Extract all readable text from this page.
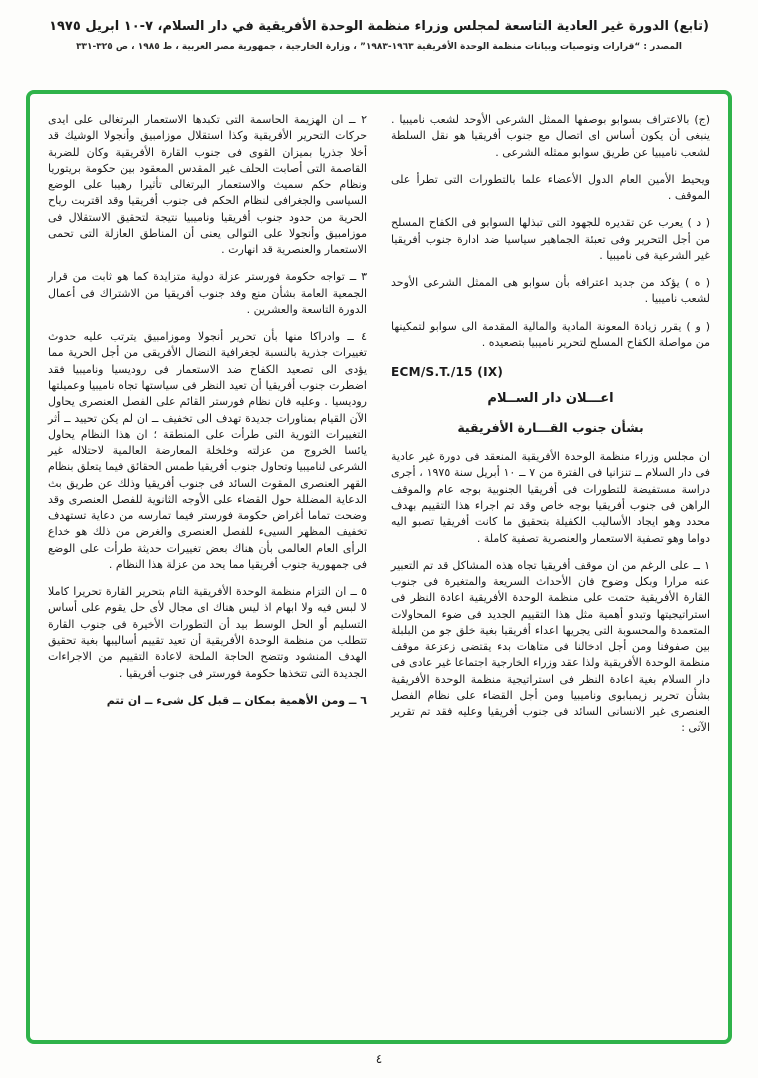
(تابع) الدورة غير العادية التاسعة لمجلس وزراء منظمة الوحدة الأفريقية في دار السلام، ٧-١٠ ابريل ١٩٧٥
المصدر : “قرارات وتوصيات وبيانات منظمة الوحدة الأفريقية ١٩٦٣-١٩٨٣” ، وزارة الخارجية ، جمهورية مصر العربية ، ط ١٩٨٥ ، ص ٣٢٥-٣٣١

(ج) بالاعتراف بسوابو بوصفها الممثل الشرعى الأوحد لشعب ناميبيا . ينبغى أن يكون أساس اى اتصال مع جنوب أفريقيا هو نقل السلطة لشعب ناميبيا عن طريق سوابو ممثله الشرعى .

ويحيط الأمين العام الدول الأعضاء علما بالتطورات التى تطرأ على الموقف .

( د ) يعرب عن تقديره للجهود التى تبذلها السوابو فى الكفاح المسلح من أجل التحرير وفى تعبئة الجماهير سياسيا ضد ادارة جنوب أفريقيا غير الشرعية فى ناميبيا .

( ه ) يؤكد من جديد اعترافه بأن سوابو هى الممثل الشرعى الأوحد لشعب ناميبيا .

( و ) يقرر زيادة المعونة المادية والمالية المقدمة الى سوابو لتمكينها من مواصلة الكفاح المسلح لتحرير ناميبيا بتصعيده .

ECM/S.T./15 (IX)
اعـــلان دار الســلام
بشأن جنوب القـــارة الأفريقية

ان مجلس وزراء منظمة الوحدة الأفريقية المنعقد فى دورة غير عادية فى دار السلام ــ تنزانيا فى الفترة من ٧ ــ ١٠ أبريل سنة ١٩٧٥ ، أجرى دراسة مستفيضة للتطورات فى أفريقيا الجنوبية بوجه عام والموقف الراهن فى جنوب أفريقيا بوجه خاص وقد تم اجراء هذا التقييم بهدف محدد وهو ايجاد الأساليب الكفيلة بتحقيق ما كانت أفريقيا تصبو اليه دواما وهو تصفية الاستعمار والعنصرية تصفية كاملة .

١ ــ على الرغم من ان موقف أفريقيا تجاه هذه المشاكل قد تم التعبير عنه مرارا وبكل وضوح فان الأحداث السريعة والمتغيرة فى جنوب القارة الأفريقية حتمت على منظمة الوحدة الأفريقية اعادة النظر فى استراتيجيتها وتبدو أهمية مثل هذا التقييم الجديد فى ضوء المحاولات المتعمدة والمحسوبة التى يجريها اعداء أفريقيا بغية خلق جو من البلبلة بين صفوفنا ومن أجل ادخالنا فى متاهات بدء يقتضى زعزعة موقف منظمة الوحدة الأفريقية ولذا عقد وزراء الخارجية اجتماعا غير عادى فى دار السلام بغية اعادة النظر فى استراتيجية منظمة الوحدة الأفريقية بشأن تحرير زيمبابوى وناميبيا ومن أجل القضاء على نظام الفصل العنصرى غير الانسانى السائد فى جنوب أفريقيا وعليه فقد تم تقرير الآتى :

٢ ــ ان الهزيمة الحاسمة التى تكبدها الاستعمار البرتغالى على ايدى حركات التحرير الأفريقية وكذا استقلال موزامبيق وأنجولا الوشيك قد أخلا جذريا بميزان القوى فى جنوب القارة الأفريقية وكان للضربة القاصمة التى أصابت الحلف غير المقدس المعقود بين حكومة بريتوريا ونظام حكم سميث والاستعمار البرتغالى تأثيرا رهيبا على الوضع السياسى والجغرافى لنظام الحكم فى جنوب أفريقيا وقد اقتربت رياح الحرية من حدود جنوب أفريقيا وناميبيا نتيجة لتحقيق الاستقلال فى موزامبيق وأنجولا على التوالى يعنى أن المناطق العازلة التى تحمى الاستعمار والعنصرية قد انهارت .

٣ ــ تواجه حكومة فورستر عزلة دولية متزايدة كما هو ثابت من قرار الجمعية العامة بشأن منع وفد جنوب أفريقيا من الاشتراك فى أعمال الدورة التاسعة والعشرين .

٤ ــ وادراكا منها بأن تحرير أنجولا وموزامبيق يترتب عليه حدوث تغييرات جذرية بالنسبة لجغرافية النضال الأفريقى من أجل الحرية مما يؤدى الى تصعيد الكفاح ضد الاستعمار فى روديسيا وناميبيا فقد اضطرت جنوب أفريقيا أن تعيد النظر فى سياستها تجاه ناميبيا وعميلتها روديسيا . وعليه فان نظام فورستر القائم على الفصل العنصرى يحاول الآن القيام بمناورات جديدة تهدف الى تخفيف ــ ان لم يكن تحييد ــ أثر التغييرات الثورية التى طرأت على المنطقة ؛ ان هذا النظام يحاول يائسا الخروج من عزلته وخلخلة المعارضة العالمية لاحتلاله غير الشرعى لناميبيا وتحاول جنوب أفريقيا طمس الحقائق فيما يتعلق بنظام القهر العنصرى المقوت السائد فى جنوب أفريقيا وذلك عن طريق بث الدعاية المضللة حول القضاء على الأوجه الثانوية للفصل العنصرى وقد وضحت تماما أغراض حكومة فورستر فيما تمارسه من دعاية تستهدف تخفيف المظهر السيىء للفصل العنصرى والغرض من ذلك هو خداع الرأى العام العالمى بأن هناك بعض تغييرات حديثة طرأت على الوضع فى جمهورية جنوب أفريقيا مما يحد من عزلة هذا النظام .

٥ ــ ان التزام منظمة الوحدة الأفريقية التام بتحرير القارة تحريرا كاملا لا لبس فيه ولا ابهام اذ ليس هناك اى مجال لأى حل يقوم على أساس التسليم أو الحل الوسط بيد أن التطورات الأخيرة فى جنوب القارة تتطلب من منظمة الوحدة الأفريقية أن تعيد تقييم أساليبها بغية تحقيق الهدف المنشود وتتضح الحاجة الملحة لاعادة التقييم من الاجراءات الجديدة التى تتخذها حكومة فورستر فى جنوب أفريقيا .

٦ ــ ومن الأهمية بمكان ــ قبل كل شىء ــ ان تتم

٤
